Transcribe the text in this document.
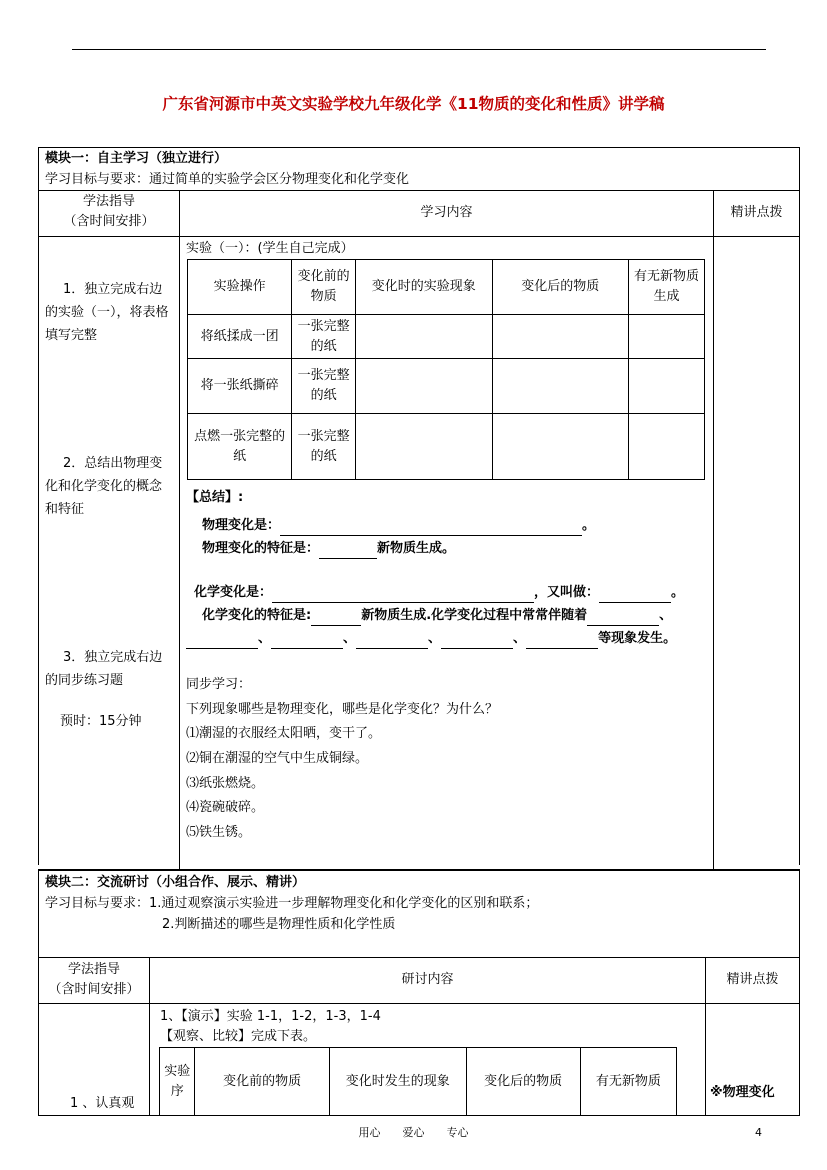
广东省河源市中英文实验学校九年级化学《11物质的变化和性质》讲学稿
模块一：自主学习（独立进行）
学习目标与要求：通过简单的实验学会区分物理变化和化学变化
学法指导
（含时间安排）
学习内容	精讲点拨
1．独立完成右边的实验（一），将表格填写完整
2．总结出物理变化和化学变化的概念和特征
3．独立完成右边的同步练习题
预时：15分钟
实验（一）：(学生自己完成）
实验操作	变化前的物质	变化时的实验现象	变化后的物质	有无新物质生成
将纸揉成一团	一张完整的纸			
将一张纸撕碎	一张完整的纸			
点燃一张完整的纸	一张完整的纸			
【总结】:
物理变化是：	。
物理变化的特征是：	新物质生成。
化学变化是：	，又叫做：	。
化学变化的特征是:	新物质生成.化学变化过程中常常伴随着	、
、	、	、	、	等现象发生。
同步学习：
下列现象哪些是物理变化，哪些是化学变化？为什么？
⑴潮湿的衣服经太阳晒，变干了。
⑵铜在潮湿的空气中生成铜绿。
⑶纸张燃烧。
⑷瓷碗破碎。
⑸铁生锈。
模块二：交流研讨（小组合作、展示、精讲）
学习目标与要求：1.通过观察演示实验进一步理解物理变化和化学变化的区别和联系；
2.判断描述的哪些是物理性质和化学性质
学法指导
（含时间安排）
研讨内容	精讲点拨
1、【演示】实验 1-1，1-2，1-3，1-4
【观察、比较】完成下表。
实验序	变化前的物质	变化时发生的现象	变化后的物质	有无新物质
1 、认真观
※物理变化
用心　　爱心　　专心	4
